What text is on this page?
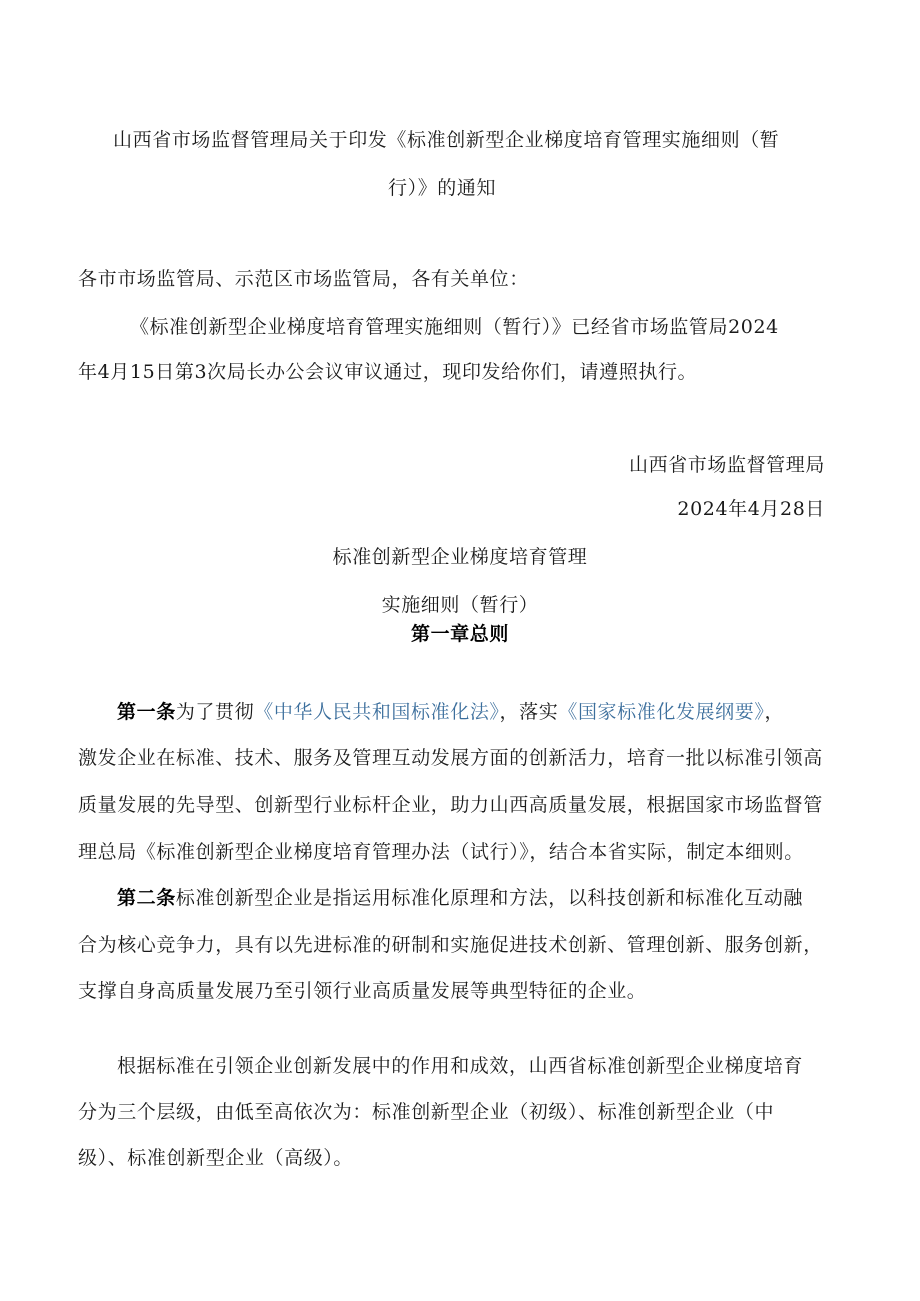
山西省市场监督管理局关于印发《标准创新型企业梯度培育管理实施细则（暂
行）》的通知
各市市场监管局、示范区市场监管局，各有关单位：
《标准创新型企业梯度培育管理实施细则（暂行）》已经省市场监管局2024
年4月15日第3次局长办公会议审议通过，现印发给你们，请遵照执行。
山西省市场监督管理局
2024年4月28日
标准创新型企业梯度培育管理
实施细则（暂行）
第一章总则
第一条为了贯彻《中华人民共和国标准化法》，落实《国家标准化发展纲要》，
激发企业在标准、技术、服务及管理互动发展方面的创新活力，培育一批以标准引领高
质量发展的先导型、创新型行业标杆企业，助力山西高质量发展，根据国家市场监督管
理总局《标准创新型企业梯度培育管理办法（试行）》，结合本省实际，制定本细则。
第二条标准创新型企业是指运用标准化原理和方法，以科技创新和标准化互动融
合为核心竞争力，具有以先进标准的研制和实施促进技术创新、管理创新、服务创新，
支撑自身高质量发展乃至引领行业高质量发展等典型特征的企业。
根据标准在引领企业创新发展中的作用和成效，山西省标准创新型企业梯度培育
分为三个层级，由低至高依次为：标准创新型企业（初级）、标准创新型企业（中
级）、标准创新型企业（高级）。
